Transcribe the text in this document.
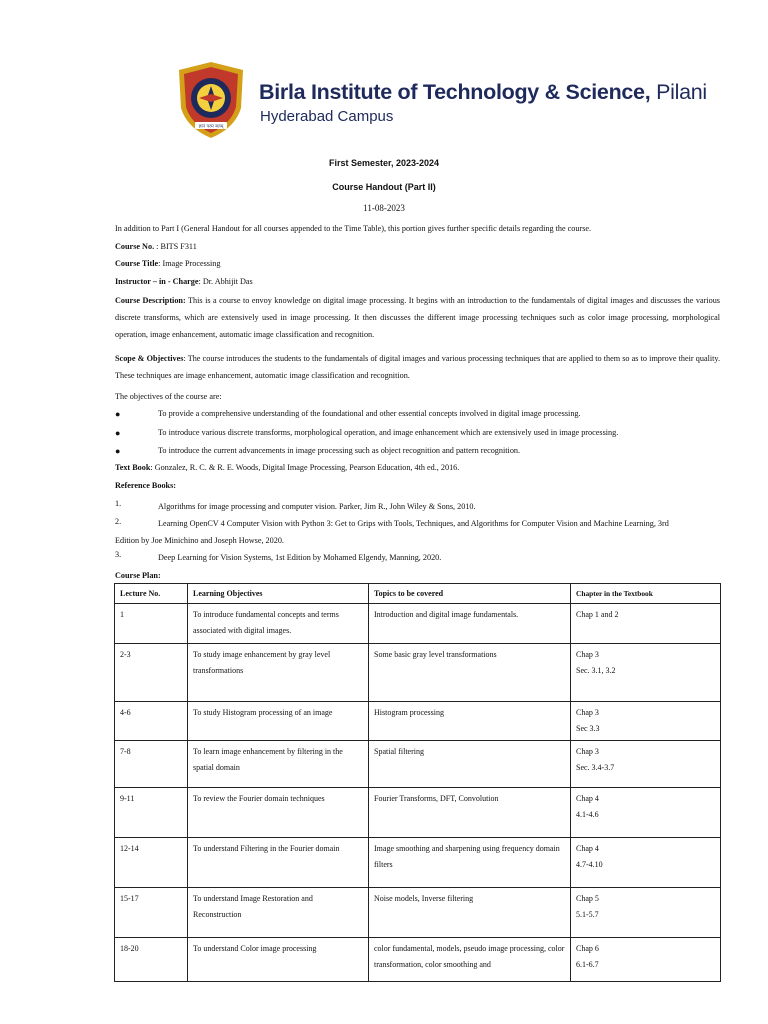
ज्ञानं परमं बलम्
Birla Institute of Technology & Science, Pilani
Hyderabad Campus
First Semester, 2023-2024
Course Handout (Part II)
11-08-2023
In addition to Part I (General Handout for all courses appended to the Time Table), this portion gives further specific details regarding the course.
Course No. : BITS F311
Course Title: Image Processing
Instructor – in - Charge: Dr. Abhijit Das
Course Description: This is a course to envoy knowledge on digital image processing. It begins with an introduction to the fundamentals of digital images and discusses the various discrete transforms, which are extensively used in image processing. It then discusses the different image processing techniques such as color image processing, morphological operation, image enhancement, automatic image classification and recognition.
Scope & Objectives: The course introduces the students to the fundamentals of digital images and various processing techniques that are applied to them so as to improve their quality. These techniques are image enhancement, automatic image classification and recognition.
The objectives of the course are:
●	To provide a comprehensive understanding of the foundational and other essential concepts involved in digital image processing.
●	To introduce various discrete transforms, morphological operation, and image enhancement which are extensively used in image processing.
●	To introduce the current advancements in image processing such as object recognition and pattern recognition.
Text Book: Gonzalez, R. C. & R. E. Woods, Digital Image Processing, Pearson Education, 4th ed., 2016.
Reference Books:
1.	Algorithms for image processing and computer vision. Parker, Jim R., John Wiley & Sons, 2010.
2.	Learning OpenCV 4 Computer Vision with Python 3: Get to Grips with Tools, Techniques, and Algorithms for Computer Vision and Machine Learning, 3rd
Edition by Joe Minichino and Joseph Howse, 2020.
3.	Deep Learning for Vision Systems, 1st Edition by Mohamed Elgendy, Manning, 2020.
Course Plan:
Lecture No.	Learning Objectives	Topics to be covered	Chapter in the Textbook
1	To introduce fundamental concepts and terms associated with digital images.	Introduction and digital image fundamentals.	Chap 1 and 2

2-3	To study image enhancement by gray level transformations	Some basic gray level transformations	Chap 3
Sec. 3.1, 3.2

4-6	To study Histogram processing of an image	Histogram processing	Chap 3
Sec 3.3

7-8	To learn image enhancement by filtering in the spatial domain	Spatial filtering	Chap 3
Sec. 3.4-3.7

9-11	To review the Fourier domain techniques	Fourier Transforms, DFT, Convolution	Chap 4
4.1-4.6

12-14	To understand Filtering in the Fourier domain	Image smoothing and sharpening using frequency domain filters	Chap 4
4.7-4.10

15-17	To understand Image Restoration and Reconstruction	Noise models, Inverse filtering	Chap 5
5.1-5.7

18-20	To understand Color image processing	color fundamental, models, pseudo image processing, color transformation, color smoothing and	Chap 6
6.1-6.7
